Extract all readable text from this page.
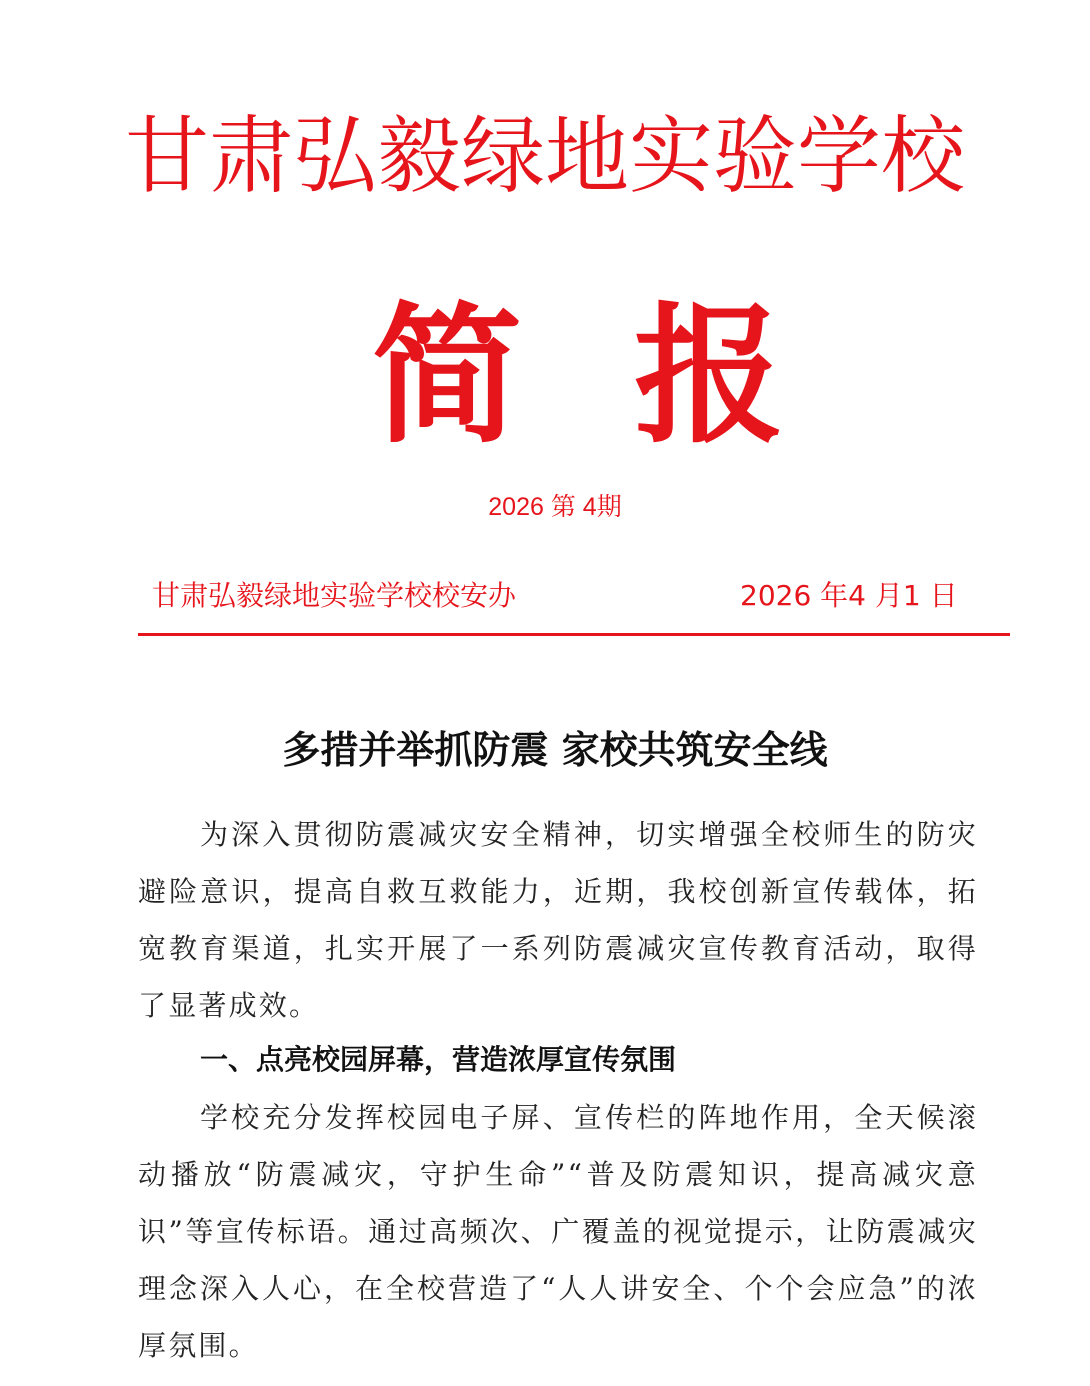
甘肃弘毅绿地实验学校
简 报
2026 第 4期
甘肃弘毅绿地实验学校校安办	2026 年4 月1 日
多措并举抓防震 家校共筑安全线

为深入贯彻防震减灾安全精神，切实增强全校师生的防灾避险意识，提高自救互救能力，近期，我校创新宣传载体，拓宽教育渠道，扎实开展了一系列防震减灾宣传教育活动，取得了显著成效。

一、点亮校园屏幕，营造浓厚宣传氛围

学校充分发挥校园电子屏、宣传栏的阵地作用，全天候滚动播放“防震减灾，守护生命”“普及防震知识，提高减灾意识”等宣传标语。通过高频次、广覆盖的视觉提示，让防震减灾理念深入人心，在全校营造了“人人讲安全、个个会应急”的浓厚氛围。
